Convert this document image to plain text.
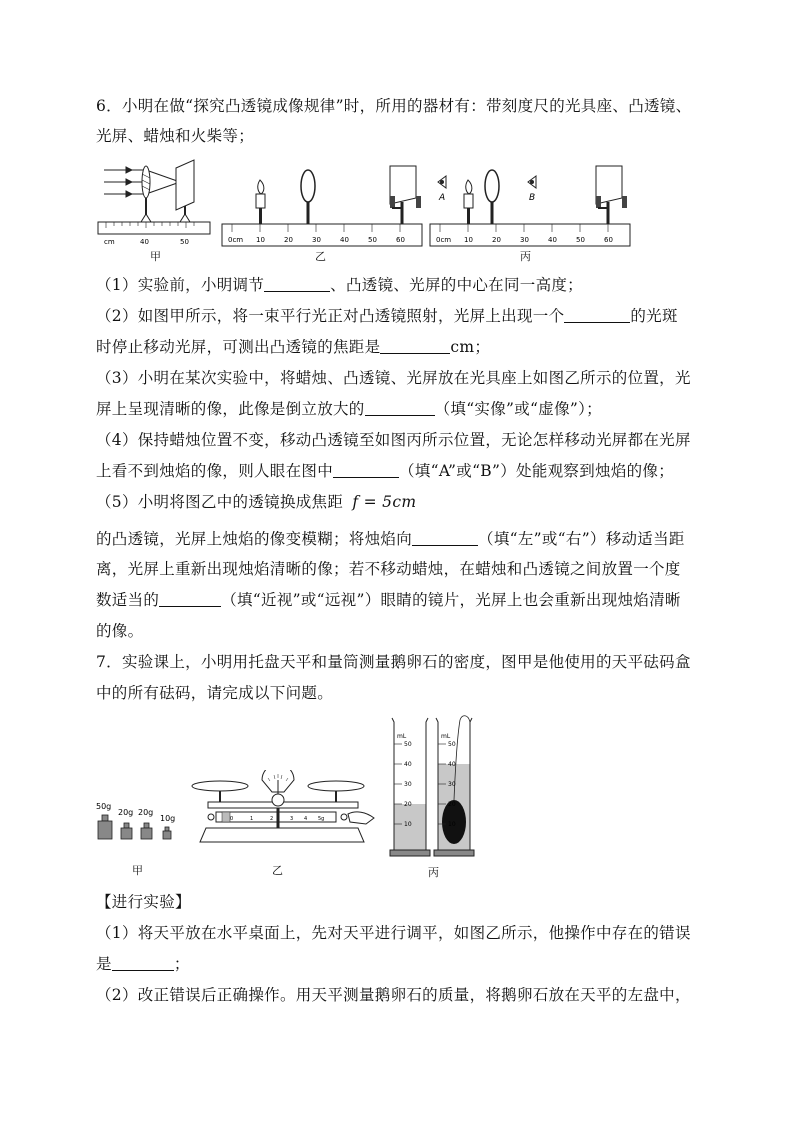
6．小明在做“探究凸透镜成像规律”时，所用的器材有：带刻度尺的光具座、凸透镜、
光屏、蜡烛和火柴等；
cm	40	50
甲
0cm 10	20	30	40	50	60
乙
A	B
0cm 10	20	30	40	50	60
丙
（1）实验前，小明调节	、凸透镜、光屏的中心在同一高度；
（2）如图甲所示，将一束平行光正对凸透镜照射，光屏上出现一个	的光斑
时停止移动光屏，可测出凸透镜的焦距是	cm；
（3）小明在某次实验中，将蜡烛、凸透镜、光屏放在光具座上如图乙所示的位置，光
屏上呈现清晰的像，此像是倒立放大的	（填“实像”或“虚像”）；
（4）保持蜡烛位置不变，移动凸透镜至如图丙所示位置，无论怎样移动光屏都在光屏
上看不到烛焰的像，则人眼在图中	（填“A”或“B”）处能观察到烛焰的像；
（5）小明将图乙中的透镜换成焦距 f = 5cm
的凸透镜，光屏上烛焰的像变模糊；将烛焰向	（填“左”或“右”）移动适当距
离，光屏上重新出现烛焰清晰的像；若不移动蜡烛，在蜡烛和凸透镜之间放置一个度
数适当的	（填“近视”或“远视”）眼睛的镜片，光屏上也会重新出现烛焰清晰
的像。
7．实验课上，小明用托盘天平和量筒测量鹅卵石的密度，图甲是他使用的天平砝码盒
中的所有砝码，请完成以下问题。
50g
20g 20g
10g
甲
0	1	2	3 4 5g
乙
mL
50
40
30
20
10
mL
50
40
30
20
10
丙
【进行实验】
（1）将天平放在水平桌面上，先对天平进行调平，如图乙所示，他操作中存在的错误
是	；
（2）改正错误后正确操作。用天平测量鹅卵石的质量，将鹅卵石放在天平的左盘中，
